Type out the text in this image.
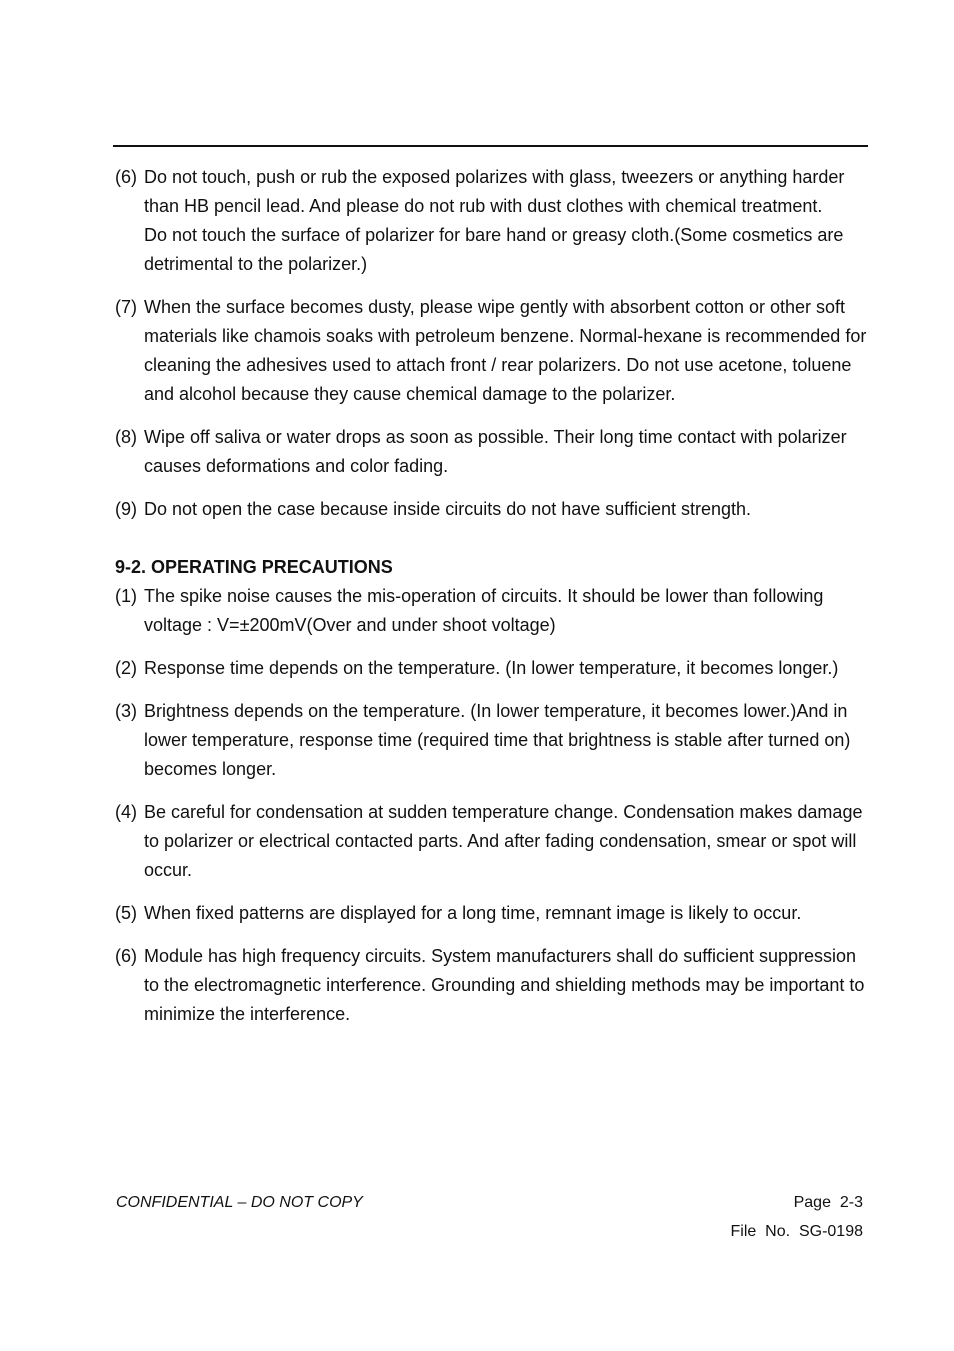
(6) Do not touch, push or rub the exposed polarizes with glass, tweezers or anything harder than HB pencil lead. And please do not rub with dust clothes with chemical treatment.

Do not touch the surface of polarizer for bare hand or greasy cloth.(Some cosmetics are detrimental to the polarizer.)

(7) When the surface becomes dusty, please wipe gently with absorbent cotton or other soft materials like chamois soaks with petroleum benzene. Normal-hexane is recommended for cleaning the adhesives used to attach front / rear polarizers. Do not use acetone, toluene and alcohol because they cause chemical damage to the polarizer.

(8) Wipe off saliva or water drops as soon as possible. Their long time contact with polarizer causes deformations and color fading.

(9) Do not open the case because inside circuits do not have sufficient strength.

9-2. OPERATING PRECAUTIONS
(1) The spike noise causes the mis-operation of circuits. It should be lower than following voltage : V=±200mV(Over and under shoot voltage)

(2) Response time depends on the temperature. (In lower temperature, it becomes longer.)

(3) Brightness depends on the temperature. (In lower temperature, it becomes lower.)And in lower temperature, response time (required time that brightness is stable after turned on) becomes longer.

(4) Be careful for condensation at sudden temperature change. Condensation makes damage to polarizer or electrical contacted parts. And after fading condensation, smear or spot will occur.

(5) When fixed patterns are displayed for a long time, remnant image is likely to occur.

(6) Module has high frequency circuits. System manufacturers shall do sufficient suppression to the electromagnetic interference. Grounding and shielding methods may be important to minimize the interference.

CONFIDENTIAL – DO NOT COPY	Page  2-3
File  No.  SG-0198
